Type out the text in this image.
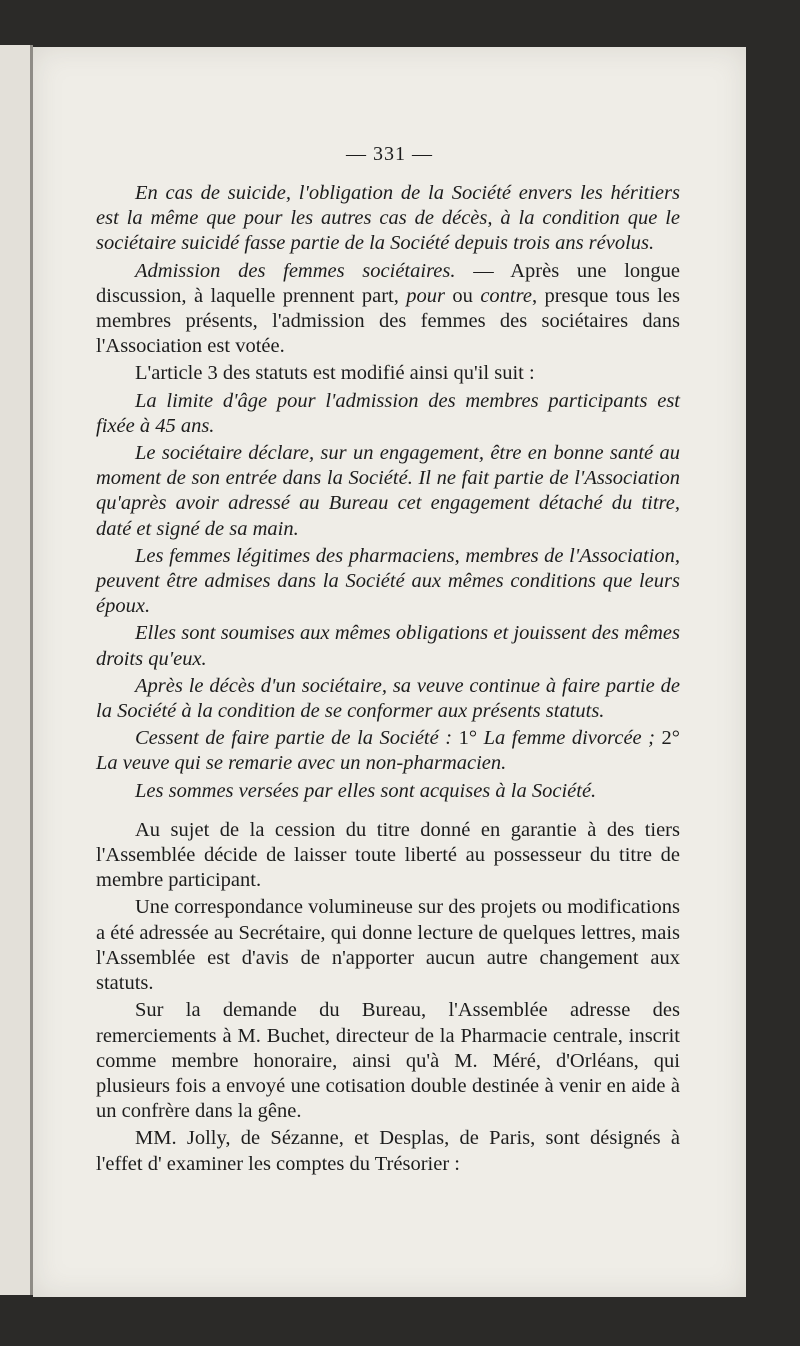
— 331 —

En cas de suicide, l'obligation de la Société envers les héritiers est la même que pour les autres cas de décès, à la condition que le sociétaire suicidé fasse partie de la Société depuis trois ans révolus.

Admission des femmes sociétaires. — Après une longue discussion, à laquelle prennent part, pour ou contre, presque tous les membres présents, l'admission des femmes des sociétaires dans l'Association est votée.

L'article 3 des statuts est modifié ainsi qu'il suit :

La limite d'âge pour l'admission des membres participants est fixée à 45 ans.

Le sociétaire déclare, sur un engagement, être en bonne santé au moment de son entrée dans la Société. Il ne fait partie de l'Association qu'après avoir adressé au Bureau cet engagement détaché du titre, daté et signé de sa main.

Les femmes légitimes des pharmaciens, membres de l'Association, peuvent être admises dans la Société aux mêmes conditions que leurs époux.

Elles sont soumises aux mêmes obligations et jouissent des mêmes droits qu'eux.

Après le décès d'un sociétaire, sa veuve continue à faire partie de la Société à la condition de se conformer aux présents statuts.

Cessent de faire partie de la Société : 1° La femme divorcée ; 2° La veuve qui se remarie avec un non-pharmacien.

Les sommes versées par elles sont acquises à la Société.

Au sujet de la cession du titre donné en garantie à des tiers l'Assemblée décide de laisser toute liberté au possesseur du titre de membre participant.

Une correspondance volumineuse sur des projets ou modifications a été adressée au Secrétaire, qui donne lecture de quelques lettres, mais l'Assemblée est d'avis de n'apporter aucun autre changement aux statuts.

Sur la demande du Bureau, l'Assemblée adresse des remerciements à M. Buchet, directeur de la Pharmacie centrale, inscrit comme membre honoraire, ainsi qu'à M. Méré, d'Orléans, qui plusieurs fois a envoyé une cotisation double destinée à venir en aide à un confrère dans la gêne.

MM. Jolly, de Sézanne, et Desplas, de Paris, sont désignés à l'effet d' examiner les comptes du Trésorier :
